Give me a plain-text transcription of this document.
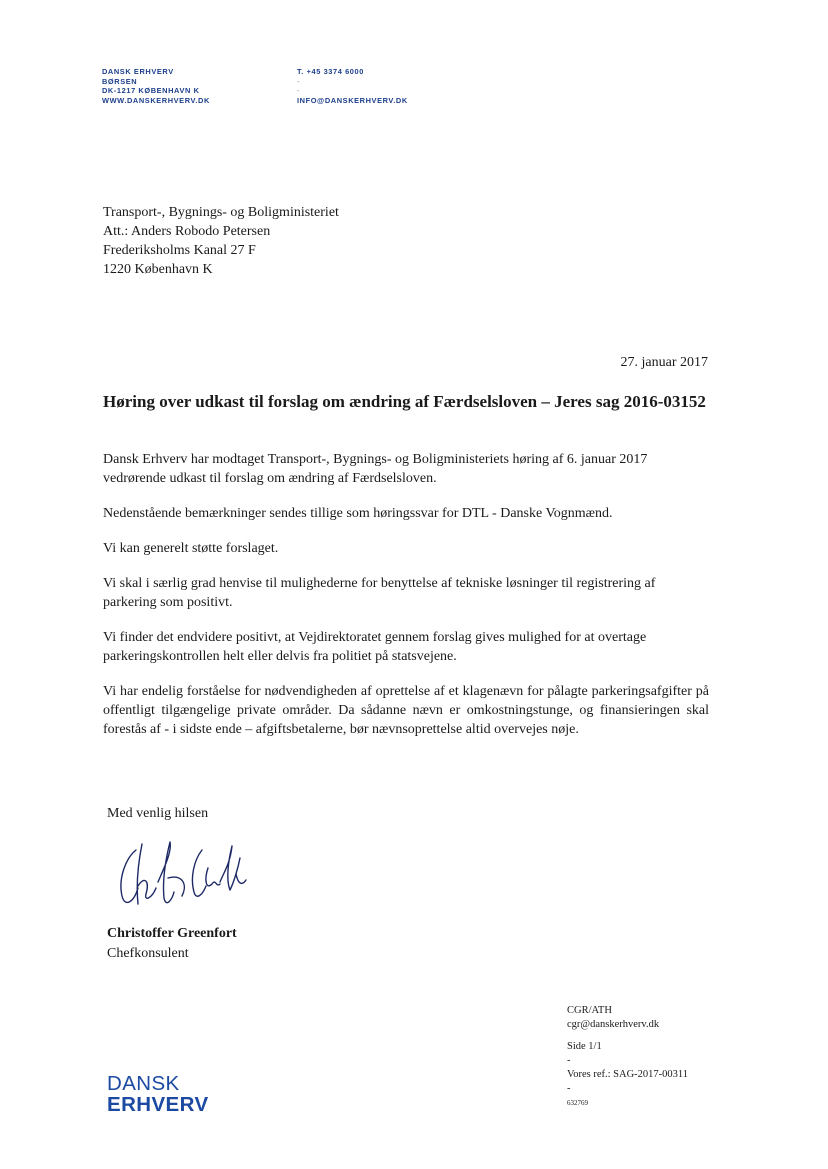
DANSK ERHVERV
BØRSEN
DK-1217 KØBENHAVN K
WWW.DANSKERHVERV.DK
T. +45 3374 6000
-
-
INFO@DANSKERHVERV.DK
Transport-, Bygnings- og Boligministeriet
Att.: Anders Robodo Petersen
Frederiksholms Kanal 27 F
1220 København K
27. januar 2017
Høring over udkast til forslag om ændring af Færdselsloven – Jeres sag 2016-03152

Dansk Erhverv har modtaget Transport-, Bygnings- og Boligministeriets høring af 6. januar 2017 vedrørende udkast til forslag om ændring af Færdselsloven.

Nedenstående bemærkninger sendes tillige som høringssvar for DTL - Danske Vognmænd.

Vi kan generelt støtte forslaget.

Vi skal i særlig grad henvise til mulighederne for benyttelse af tekniske løsninger til registrering af parkering som positivt.

Vi finder det endvidere positivt, at Vejdirektoratet gennem forslag gives mulighed for at overtage parkeringskontrollen helt eller delvis fra politiet på statsvejene.

Vi har endelig forståelse for nødvendigheden af oprettelse af et klagenævn for pålagte parkeringsafgifter på offentligt tilgængelige private områder. Da sådanne nævn er omkostningstunge, og finansieringen skal forestås af - i sidste ende – afgiftsbetalerne, bør nævnsoprettelse altid overvejes nøje.

Med venlig hilsen
Christoffer Greenfort
Chefkonsulent
CGR/ATH
cgr@danskerhverv.dk
Side 1/1
-
Vores ref.: SAG-2017-00311
-
632769
DANSK
ERHVERV
